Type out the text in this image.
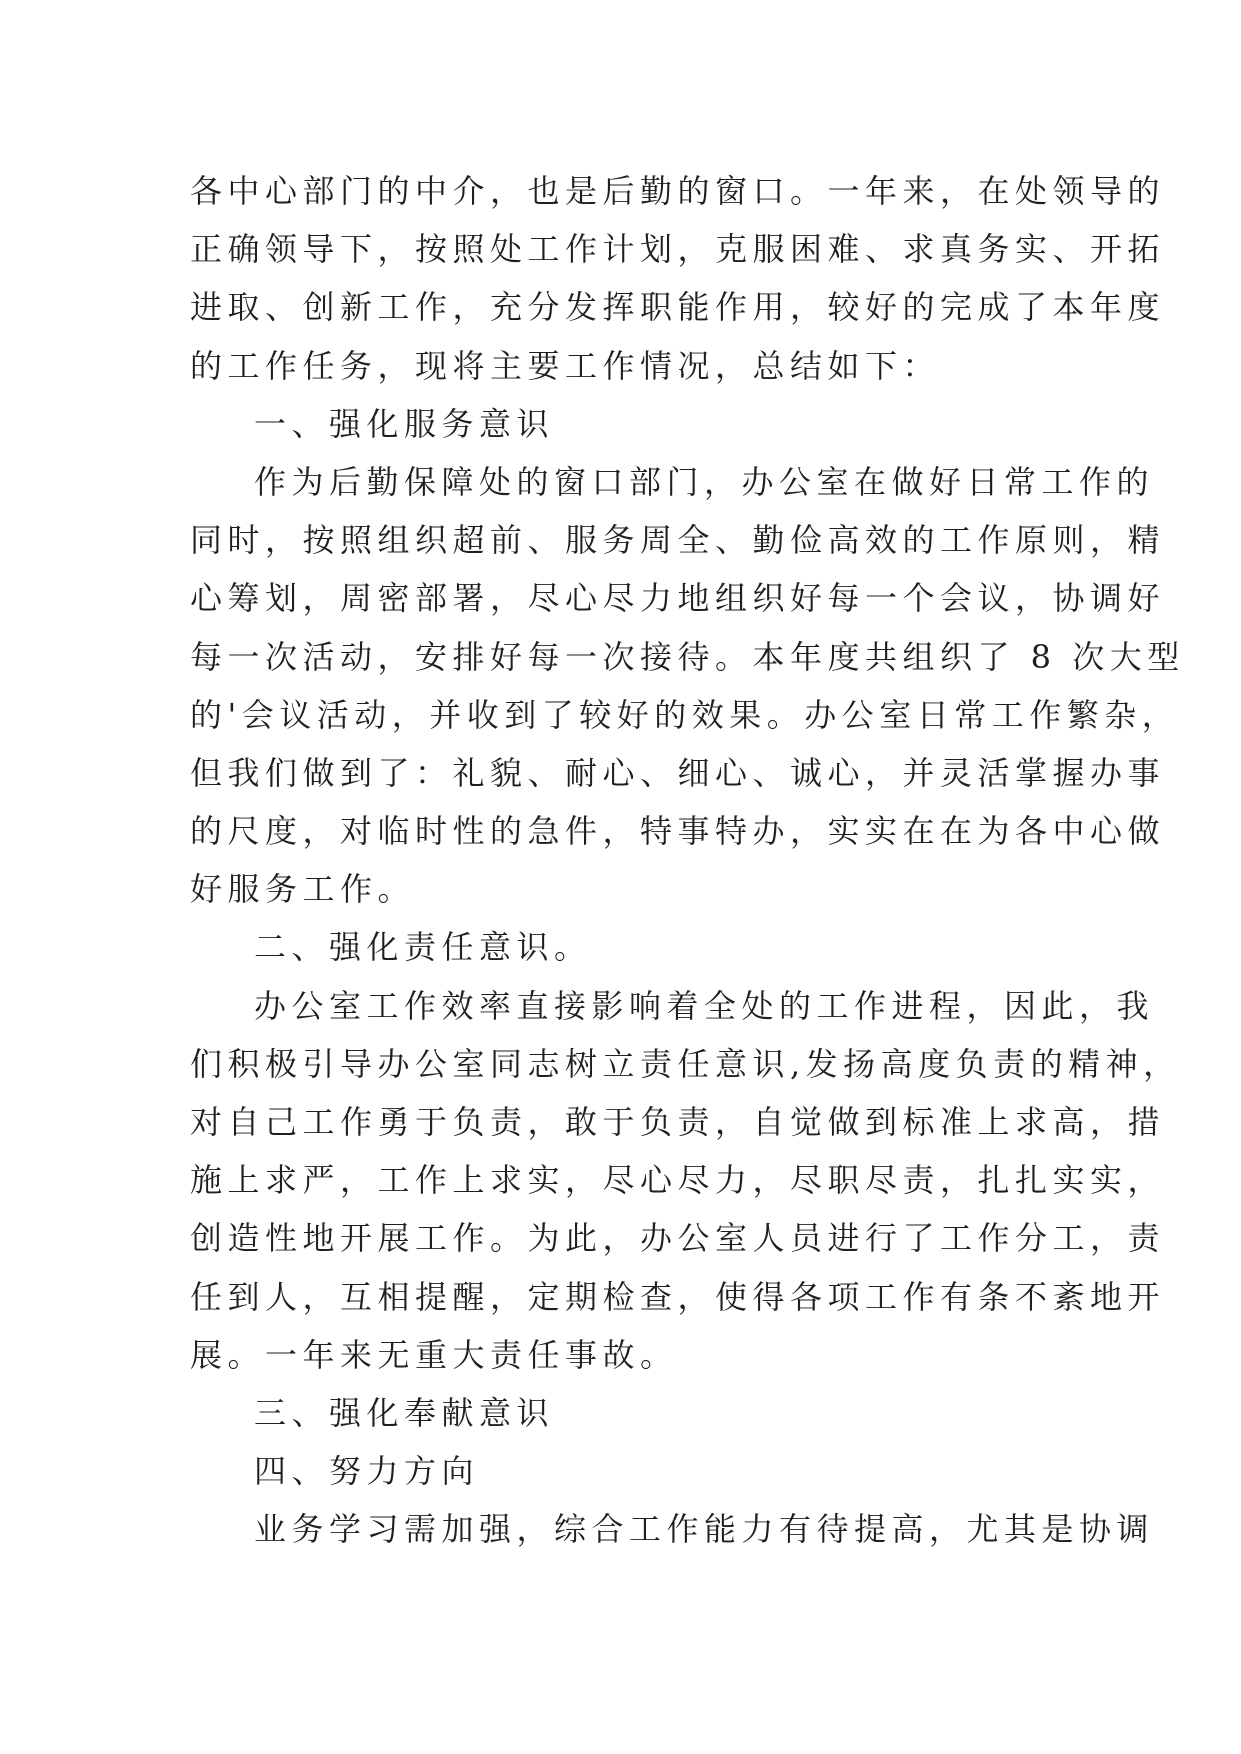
各中心部门的中介，也是后勤的窗口。一年来，在处领导的
正确领导下，按照处工作计划，克服困难、求真务实、开拓
进取、创新工作，充分发挥职能作用，较好的完成了本年度
的工作任务，现将主要工作情况，总结如下：
一、强化服务意识
作为后勤保障处的窗口部门，办公室在做好日常工作的
同时，按照组织超前、服务周全、勤俭高效的工作原则，精
心筹划，周密部署，尽心尽力地组织好每一个会议，协调好
每一次活动，安排好每一次接待。本年度共组织了 8 次大型
的'会议活动，并收到了较好的效果。办公室日常工作繁杂，
但我们做到了：礼貌、耐心、细心、诚心，并灵活掌握办事
的尺度，对临时性的急件，特事特办，实实在在为各中心做
好服务工作。
二、强化责任意识。
办公室工作效率直接影响着全处的工作进程，因此，我
们积极引导办公室同志树立责任意识,发扬高度负责的精神，
对自己工作勇于负责，敢于负责，自觉做到标准上求高，措
施上求严，工作上求实，尽心尽力，尽职尽责，扎扎实实，
创造性地开展工作。为此，办公室人员进行了工作分工，责
任到人，互相提醒，定期检查，使得各项工作有条不紊地开
展。一年来无重大责任事故。
三、强化奉献意识
四、努力方向
业务学习需加强，综合工作能力有待提高，尤其是协调
